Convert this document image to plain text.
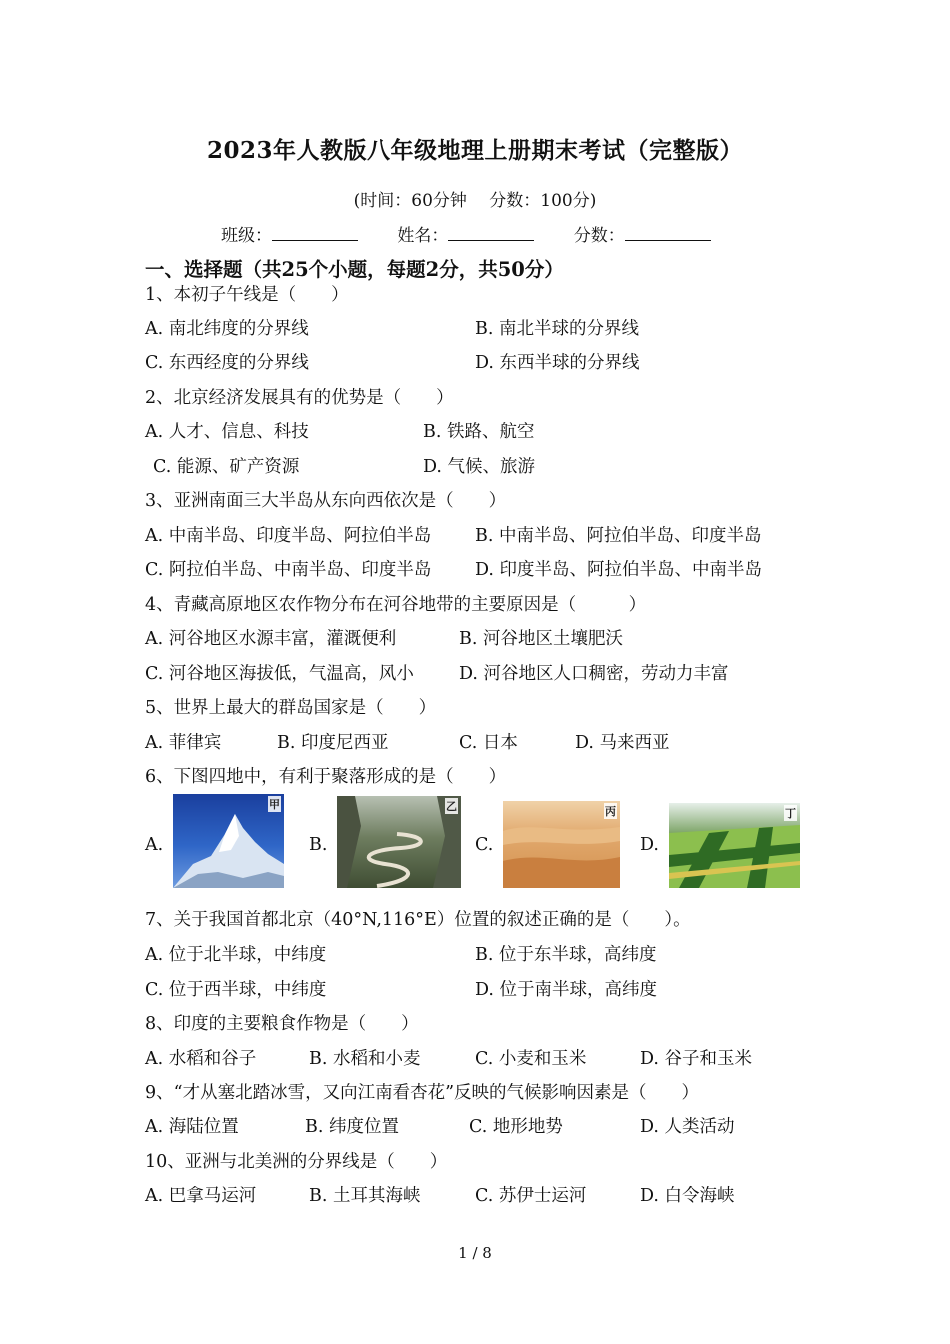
2023年人教版八年级地理上册期末考试（完整版）
(时间：60分钟　 分数：100分)
班级：	姓名：	分数：
一、选择题（共25个小题，每题2分，共50分）
1、本初子午线是（　　）
A. 南北纬度的分界线	B. 南北半球的分界线
C. 东西经度的分界线	D. 东西半球的分界线
2、北京经济发展具有的优势是（　　）
A. 人才、信息、科技	B. 铁路、航空
C. 能源、矿产资源	D. 气候、旅游
3、亚洲南面三大半岛从东向西依次是（　　）
A. 中南半岛、印度半岛、阿拉伯半岛 B. 中南半岛、阿拉伯半岛、印度半岛
C. 阿拉伯半岛、中南半岛、印度半岛 D. 印度半岛、阿拉伯半岛、中南半岛
4、青藏高原地区农作物分布在河谷地带的主要原因是（　　　）
A. 河谷地区水源丰富，灌溉便利	B. 河谷地区土壤肥沃
C. 河谷地区海拔低，气温高，风小	D. 河谷地区人口稠密，劳动力丰富
5、世界上最大的群岛国家是（　　）
A. 菲律宾	B. 印度尼西亚	C. 日本	D. 马来西亚
6、下图四地中，有利于聚落形成的是（　　）
A.	B.	C.	D.
甲	乙	丙	丁
7、关于我国首都北京（40°N,116°E）位置的叙述正确的是（　　）。
A. 位于北半球，中纬度	B. 位于东半球，高纬度
C. 位于西半球，中纬度	D. 位于南半球，高纬度
8、印度的主要粮食作物是（　　）
A. 水稻和谷子	B. 水稻和小麦	C. 小麦和玉米	D. 谷子和玉米
9、“才从塞北踏冰雪，又向江南看杏花”反映的气候影响因素是（　　）
A. 海陆位置	B. 纬度位置	C. 地形地势	D. 人类活动
10、亚洲与北美洲的分界线是（　　）
A. 巴拿马运河	B. 土耳其海峡	C. 苏伊士运河	D. 白令海峡
1 / 8
